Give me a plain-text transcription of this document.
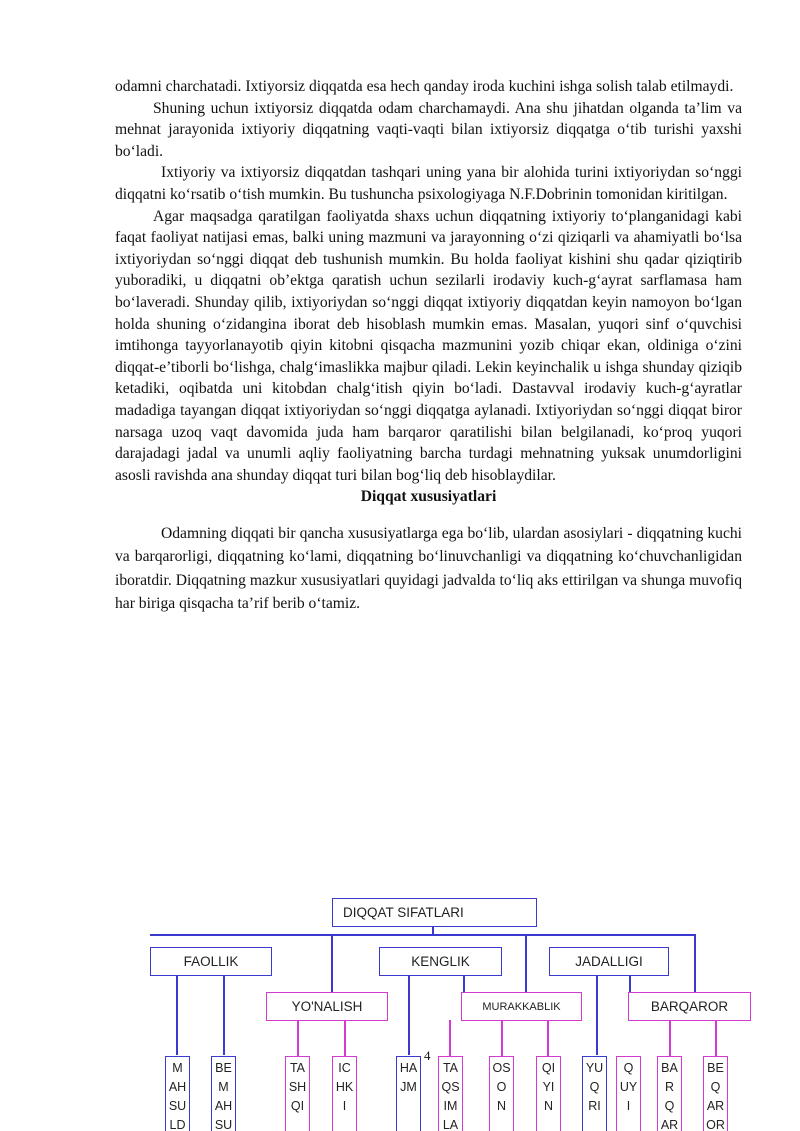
odamni charchatadi. Ixtiyorsiz diqqatda esa hech qanday iroda kuchini ishga solish talab etilmaydi.

Shuning uchun ixtiyorsiz diqqatda odam charchamaydi. Ana shu jihatdan olganda ta’lim va mehnat jarayonida ixtiyoriy diqqatning vaqti-vaqti bilan ixtiyorsiz diqqatga o‘tib turishi yaxshi bo‘ladi.

Ixtiyoriy va ixtiyorsiz diqqatdan tashqari uning yana bir alohida turini ixtiyoriydan so‘nggi diqqatni ko‘rsatib o‘tish mumkin. Bu tushuncha psixologiyaga N.F.Dobrinin tomonidan kiritilgan.

Agar maqsadga qaratilgan faoliyatda shaxs uchun diqqatning ixtiyoriy to‘planganidagi kabi faqat faoliyat natijasi emas, balki uning mazmuni va jarayonning o‘zi qiziqarli va ahamiyatli bo‘lsa ixtiyoriydan so‘nggi diqqat deb tushunish mumkin. Bu holda faoliyat kishini shu qadar qiziqtirib yuboradiki, u diqqatni ob’ektga qaratish uchun sezilarli irodaviy kuch-g‘ayrat sarflamasa ham bo‘laveradi. Shunday qilib, ixtiyoriydan so‘nggi diqqat ixtiyoriy diqqatdan keyin namoyon bo‘lgan holda shuning o‘zidangina iborat deb hisoblash mumkin emas. Masalan, yuqori sinf o‘quvchisi imtihonga tayyorlanayotib qiyin kitobni qisqacha mazmunini yozib chiqar ekan, oldiniga o‘zini diqqat-e’tiborli bo‘lishga, chalg‘imaslikka majbur qiladi. Lekin keyinchalik u ishga shunday qiziqib ketadiki, oqibatda uni kitobdan chalg‘itish qiyin bo‘ladi. Dastavval irodaviy kuch-g‘ayratlar madadiga tayangan diqqat ixtiyoriydan so‘nggi diqqatga aylanadi. Ixtiyoriydan so‘nggi diqqat biror narsaga uzoq vaqt davomida juda ham barqaror qaratilishi bilan belgilanadi, ko‘proq yuqori darajadagi jadal va unumli aqliy faoliyatning barcha turdagi mehnatning yuksak unumdorligini asosli ravishda ana shunday diqqat turi bilan bog‘liq deb hisoblaydilar.

Diqqat xususiyatlari

Odamning diqqati bir qancha xususiyatlarga ega bo‘lib, ulardan asosiylari - diqqatning kuchi va barqarorligi, diqqatning ko‘lami, diqqatning bo‘linuvchanligi va diqqatning ko‘chuvchanligidan iboratdir. Diqqatning mazkur xususiyatlari quyidagi jadvalda to‘liq aks ettirilgan va shunga muvofiq har biriga qisqacha ta’rif berib o‘tamiz.

DIQQAT SIFATLARI
FAOLLIK	KENGLIK	JADALLIGI
YO'NALISH	MURAKKABLIK	BARQAROR
M
AH
SU
LD
BE
M
AH
SU
TA
SH
QI
IC
HK
I
HA
JM
TA
QS
IM
LA
OS
O
N
QI
YI
N
YU
Q
RI
Q
UY
I
BA
R
Q
AR
BE
Q
AR
OR
4
